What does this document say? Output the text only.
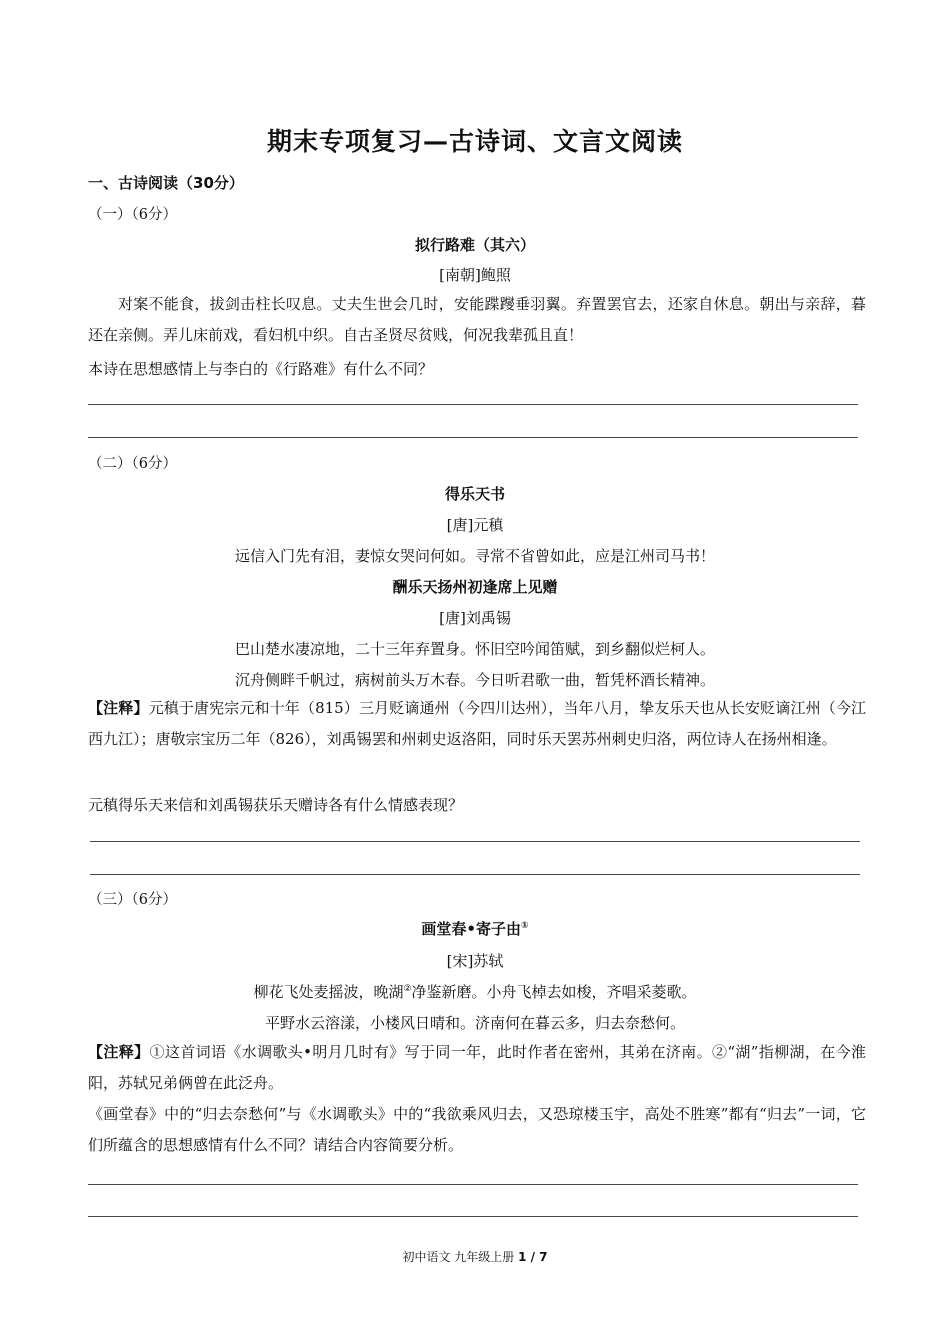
期末专项复习—古诗词、文言文阅读
一、古诗阅读（30分）
（一）（6分）
拟行路难（其六）
[南朝]鲍照
对案不能食，拔剑击柱长叹息。丈夫生世会几时，安能蹀躞垂羽翼。弃置罢官去，还家自休息。朝出与亲辞，暮还在亲侧。弄儿床前戏，看妇机中织。自古圣贤尽贫贱，何况我辈孤且直！
本诗在思想感情上与李白的《行路难》有什么不同？
（二）（6分）
得乐天书
[唐]元稹
远信入门先有泪，妻惊女哭问何如。寻常不省曾如此，应是江州司马书！
酬乐天扬州初逢席上见赠
[唐]刘禹锡
巴山楚水凄凉地，二十三年弃置身。怀旧空吟闻笛赋，到乡翻似烂柯人。
沉舟侧畔千帆过，病树前头万木春。今日听君歌一曲，暂凭杯酒长精神。
【注释】元稹于唐宪宗元和十年（815）三月贬谪通州（今四川达州），当年八月，挚友乐天也从长安贬谪江州（今江西九江）；唐敬宗宝历二年（826），刘禹锡罢和州刺史返洛阳，同时乐天罢苏州刺史归洛，两位诗人在扬州相逢。
元稹得乐天来信和刘禹锡获乐天赠诗各有什么情感表现？
（三）（6分）
画堂春•寄子由①
[宋]苏轼
柳花飞处麦摇波，晚湖②净鉴新磨。小舟飞棹去如梭，齐唱采菱歌。
平野水云溶漾，小楼风日晴和。济南何在暮云多，归去奈愁何。
【注释】①这首词语《水调歌头•明月几时有》写于同一年，此时作者在密州，其弟在济南。②“湖”指柳湖，在今淮阳，苏轼兄弟俩曾在此泛舟。
《画堂春》中的“归去奈愁何”与《水调歌头》中的“我欲乘风归去，又恐琼楼玉宇，高处不胜寒”都有“归去”一词，它们所蕴含的思想感情有什么不同？请结合内容简要分析。
初中语文 九年级上册 1 / 7
